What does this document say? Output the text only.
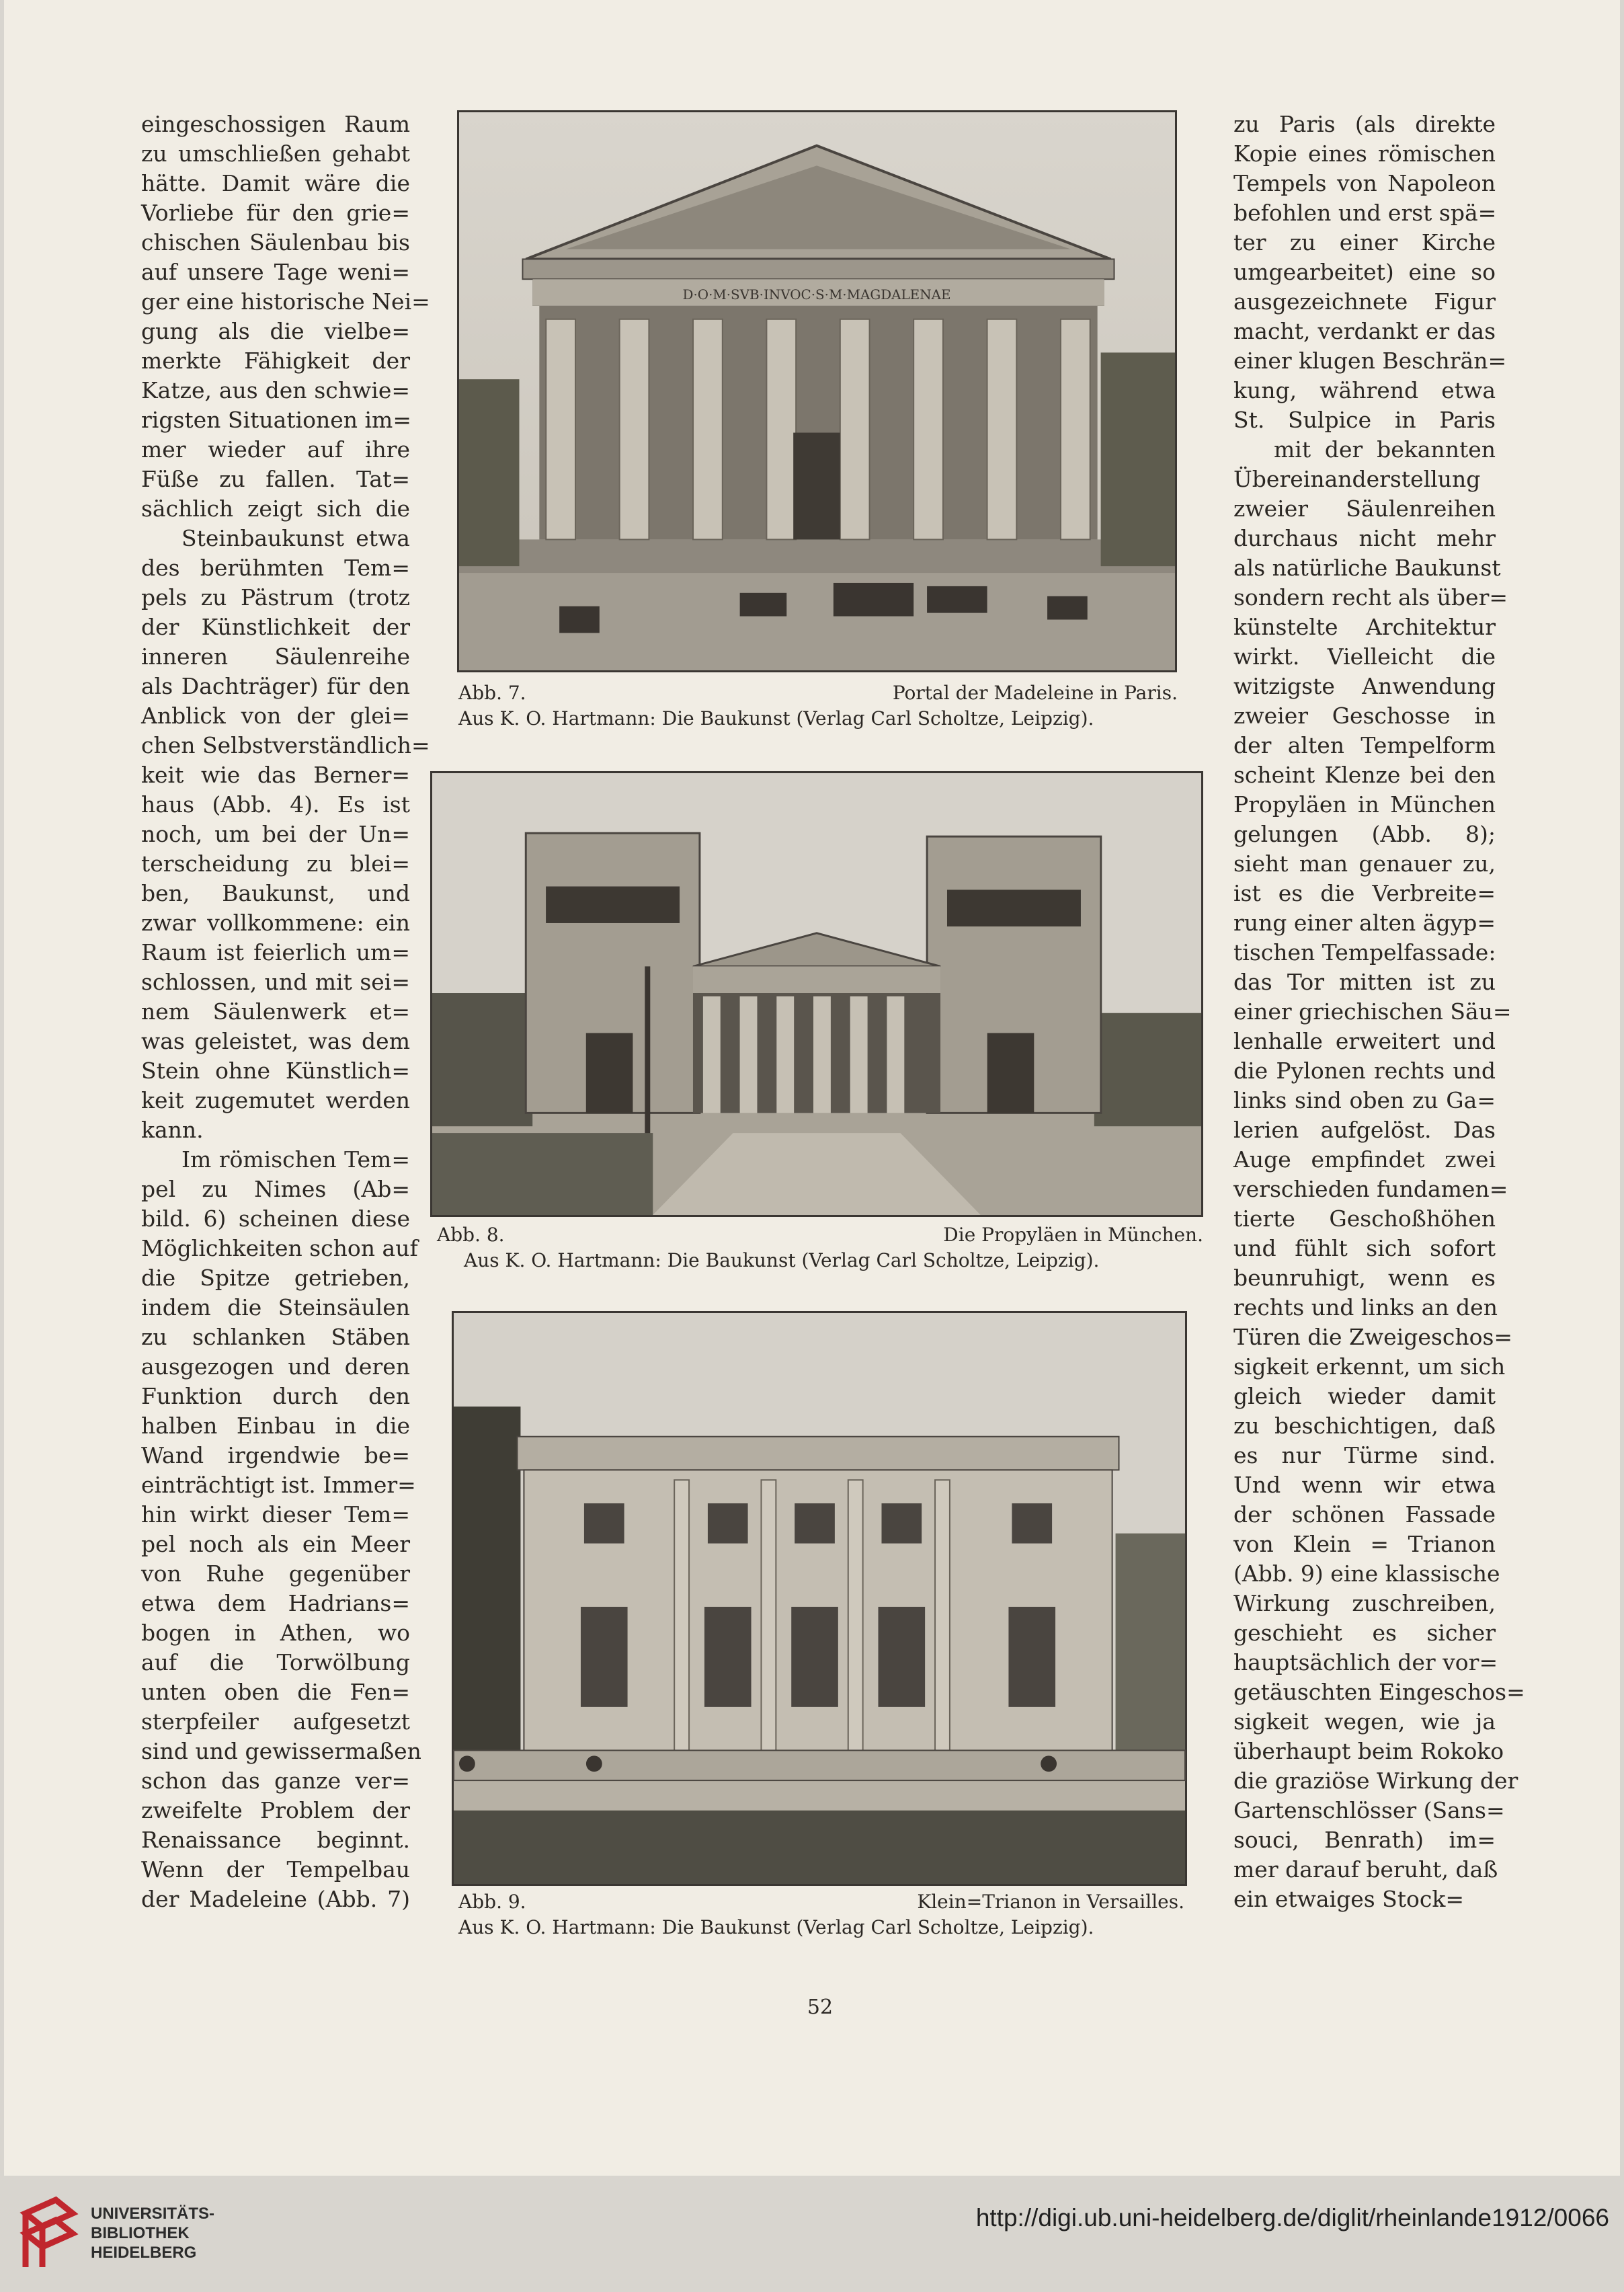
eingeschossigen Raum
zu umschließen gehabt
hätte. Damit wäre die
Vorliebe für den grie=
chischen Säulenbau bis
auf unsere Tage weni=
ger eine historische Nei=
gung als die vielbe=
merkte Fähigkeit der
Katze, aus den schwie=
rigsten Situationen im=
mer wieder auf ihre
Füße zu fallen. Tat=
sächlich zeigt sich die
Steinbaukunst etwa
des berühmten Tem=
pels zu Pästrum (trotz
der Künstlichkeit der
inneren Säulenreihe
als Dachträger) für den
Anblick von der glei=
chen Selbstverständlich=
keit wie das Berner=
haus (Abb. 4). Es ist
noch, um bei der Un=
terscheidung zu blei=
ben, Baukunst, und
zwar vollkommene: ein
Raum ist feierlich um=
schlossen, und mit sei=
nem Säulenwerk et=
was geleistet, was dem
Stein ohne Künstlich=
keit zugemutet werden
kann.
Im römischen Tem=
pel zu Nimes (Ab=
bild. 6) scheinen diese
Möglichkeiten schon auf
die Spitze getrieben,
indem die Steinsäulen
zu schlanken Stäben
ausgezogen und deren
Funktion durch den
halben Einbau in die
Wand irgendwie be=
einträchtigt ist. Immer=
hin wirkt dieser Tem=
pel noch als ein Meer
von Ruhe gegenüber
etwa dem Hadrians=
bogen in Athen, wo
auf die Torwölbung
unten oben die Fen=
sterpfeiler aufgesetzt
sind und gewissermaßen
schon das ganze ver=
zweifelte Problem der
Renaissance beginnt.
Wenn der Tempelbau
der Madeleine (Abb. 7)
zu Paris (als direkte
Kopie eines römischen
Tempels von Napoleon
befohlen und erst spä=
ter zu einer Kirche
umgearbeitet) eine so
ausgezeichnete Figur
macht, verdankt er das
einer klugen Beschrän=
kung, während etwa
St. Sulpice in Paris
mit der bekannten
Übereinanderstellung
zweier Säulenreihen
durchaus nicht mehr
als natürliche Baukunst
sondern recht als über=
künstelte Architektur
wirkt. Vielleicht die
witzigste Anwendung
zweier Geschosse in
der alten Tempelform
scheint Klenze bei den
Propyläen in München
gelungen (Abb. 8);
sieht man genauer zu,
ist es die Verbreite=
rung einer alten ägyp=
tischen Tempelfassade:
das Tor mitten ist zu
einer griechischen Säu=
lenhalle erweitert und
die Pylonen rechts und
links sind oben zu Ga=
lerien aufgelöst. Das
Auge empfindet zwei
verschieden fundamen=
tierte Geschoßhöhen
und fühlt sich sofort
beunruhigt, wenn es
rechts und links an den
Türen die Zweigeschos=
sigkeit erkennt, um sich
gleich wieder damit
zu beschichtigen, daß
es nur Türme sind.
Und wenn wir etwa
der schönen Fassade
von Klein = Trianon
(Abb. 9) eine klassische
Wirkung zuschreiben,
geschieht es sicher
hauptsächlich der vor=
getäuschten Eingeschos=
sigkeit wegen, wie ja
überhaupt beim Rokoko
die graziöse Wirkung der
Gartenschlösser (Sans=
souci, Benrath) im=
mer darauf beruht, daß
ein etwaiges Stock=
D·O·M·SVB·INVOC·S·M·MAGDALENAE
Abb. 7.	Portal der Madeleine in Paris.
Aus K. O. Hartmann: Die Baukunst (Verlag Carl Scholtze, Leipzig).
Abb. 8.	Die Propyläen in München.
Aus K. O. Hartmann: Die Baukunst (Verlag Carl Scholtze, Leipzig).
Abb. 9.	Klein=Trianon in Versailles.
Aus K. O. Hartmann: Die Baukunst (Verlag Carl Scholtze, Leipzig).
52
UNIVERSITÄTS-
BIBLIOTHEK
HEIDELBERG
http://digi.ub.uni-heidelberg.de/diglit/rheinlande1912/0066
